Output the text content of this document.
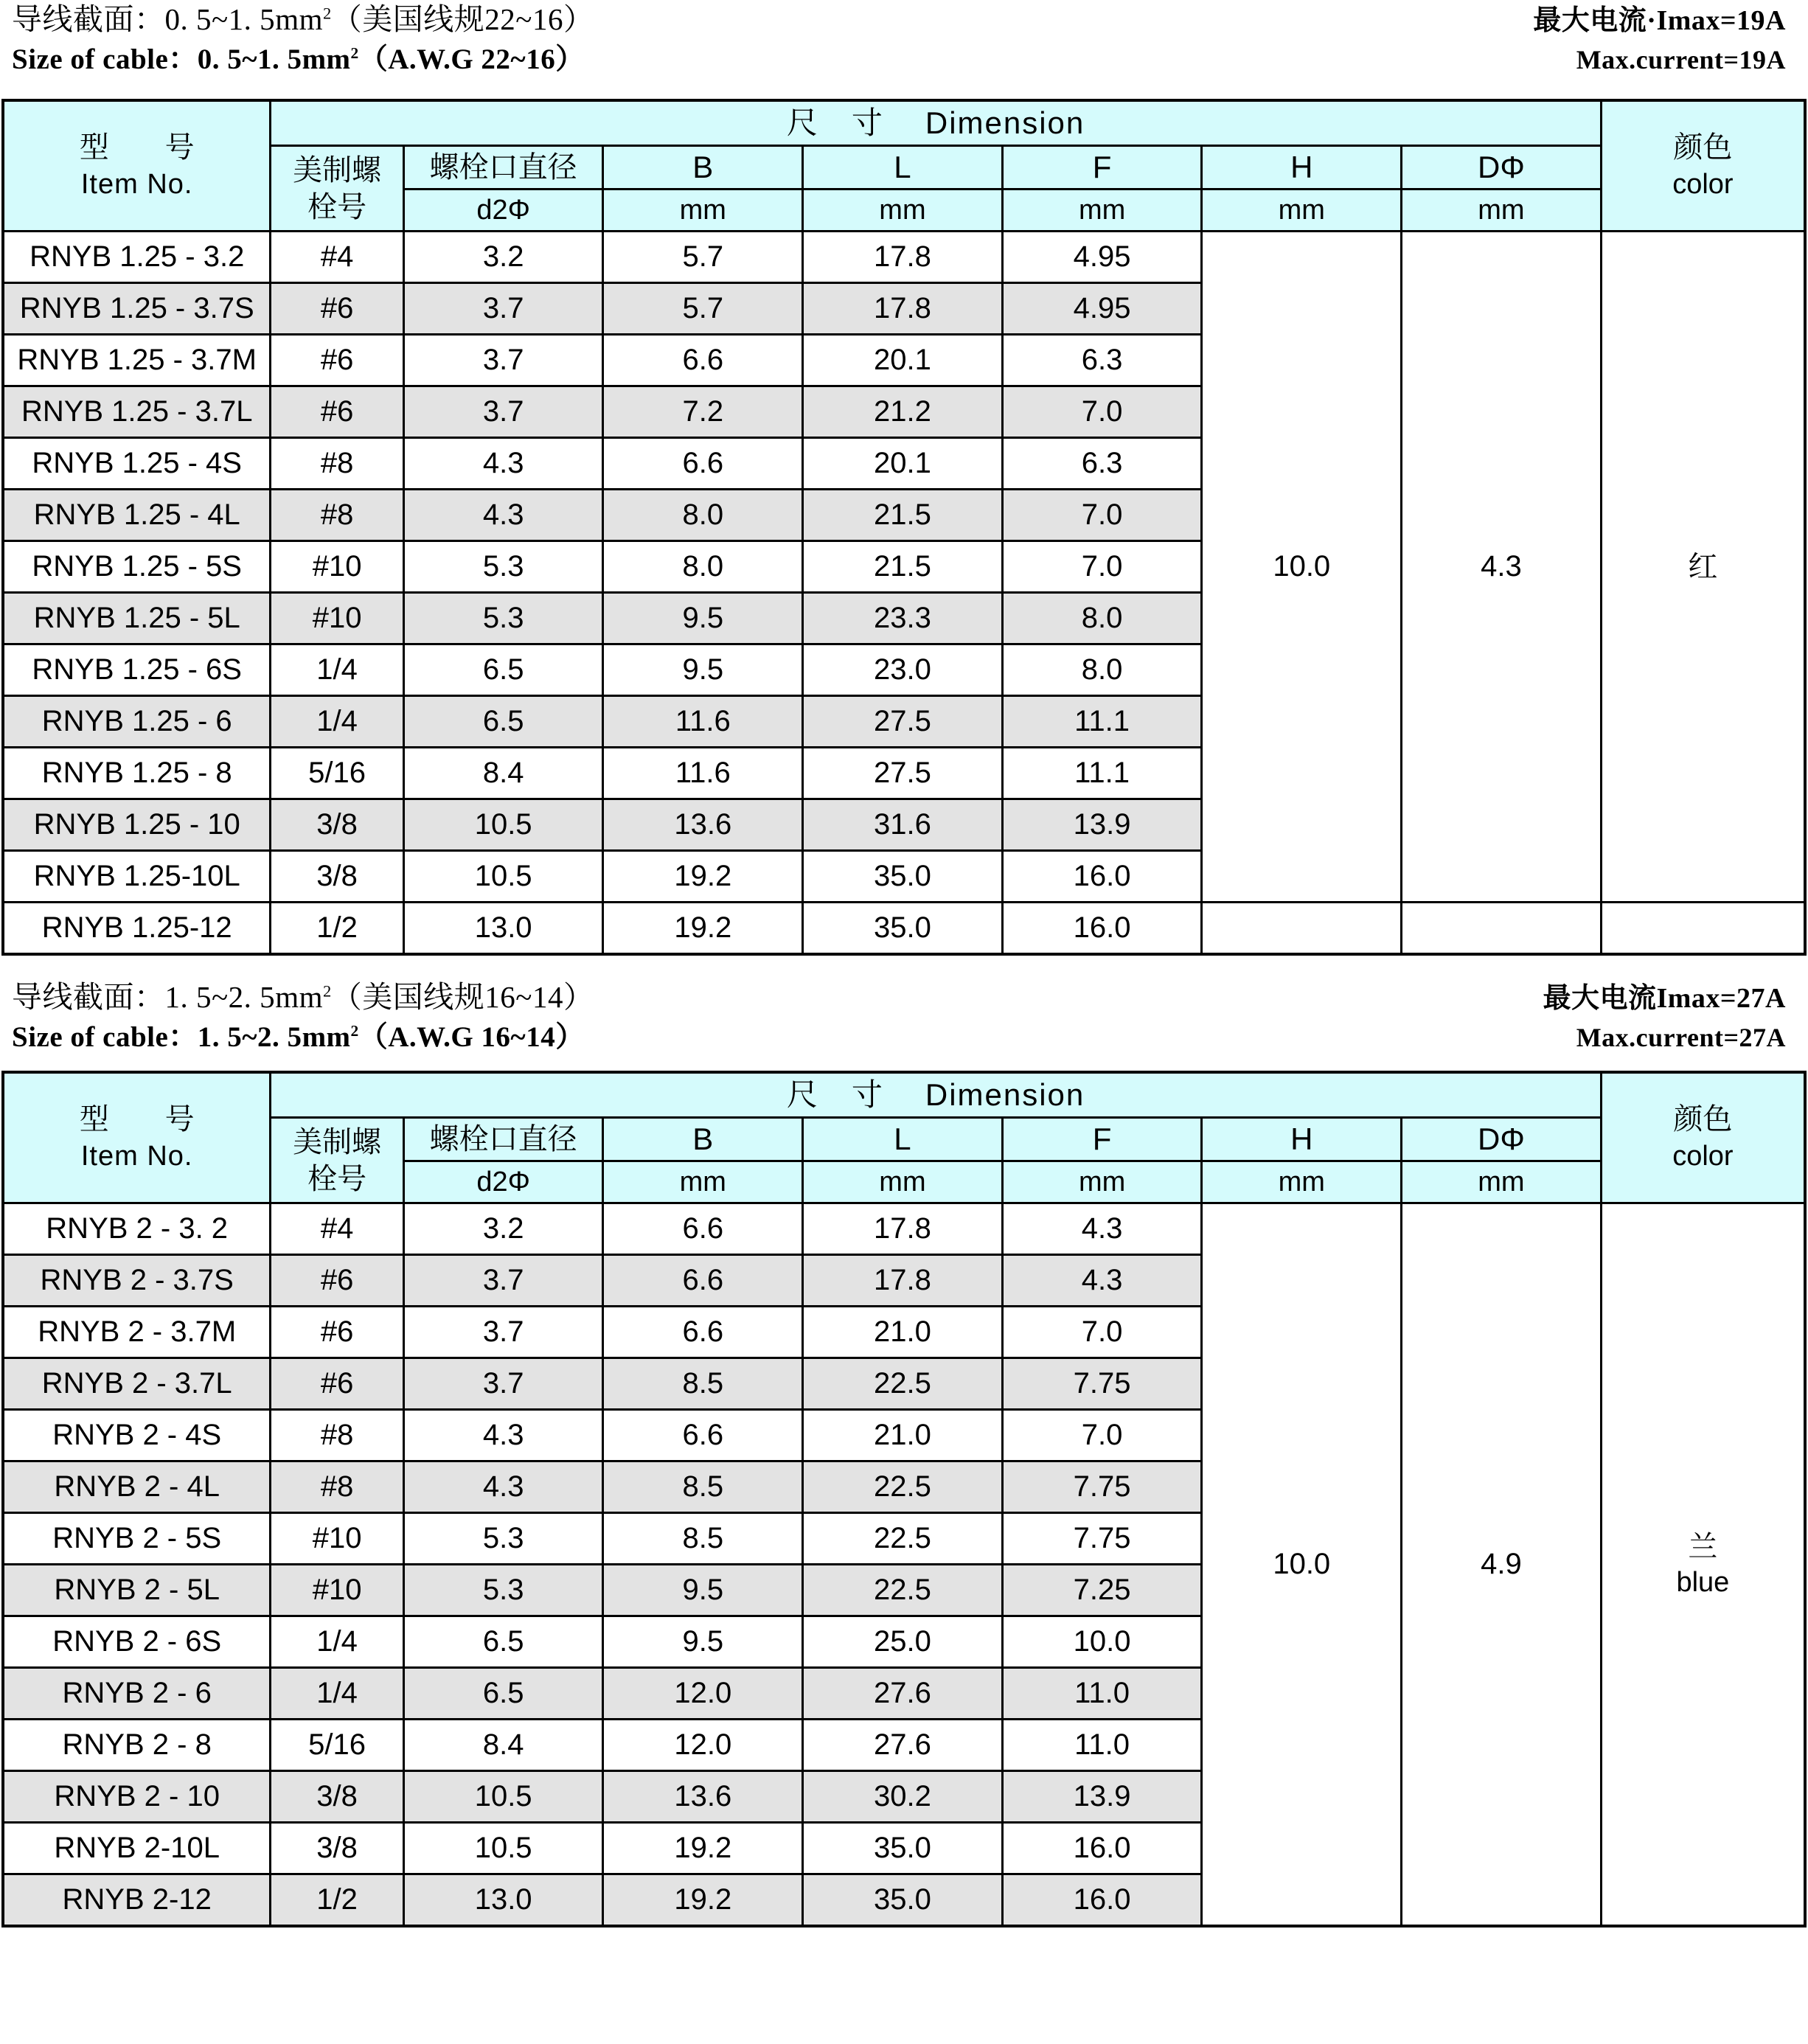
导线截面：0. 5~1. $5mm^2$（美国线规22~16）	最大电流·Imax=19A
Size of cable：0. 5~1. $5mm^2(A.W.G$ 22~16）	Max.current=19A
型　号
Item No.	尺　寸 Dimension							颜色
color

	美制螺
栓号	螺栓口直径	B	L	F	H	DΦ	
		d2Φ	mm	mm	mm	mm	mm	
RNYB 1.25 - 3.2	#4	3.2	5.7	17.8	4.95	10.0	4.3	红

RNYB 1.25 - 3.7S	#6	3.7	5.7	17.8	4.95			
RNYB 1.25 - 3.7M	#6	3.7	6.6	20.1	6.3			
RNYB 1.25 - 3.7L	#6	3.7	7.2	21.2	7.0			
RNYB 1.25 - 4S	#8	4.3	6.6	20.1	6.3			
RNYB 1.25 - 4L	#8	4.3	8.0	21.5	7.0			
RNYB 1.25 - 5S	#10	5.3	8.0	21.5	7.0			
RNYB 1.25 - 5L	#10	5.3	9.5	23.3	8.0			
RNYB 1.25 - 6S	1/4	6.5	9.5	23.0	8.0			
RNYB 1.25 - 6	1/4	6.5	11.6	27.5	11.1			
RNYB 1.25 - 8	5/16	8.4	11.6	27.5	11.1			
RNYB 1.25 - 10	3/8	10.5	13.6	31.6	13.9			
RNYB 1.25-10L	3/8	10.5	19.2	35.0	16.0			
RNYB 1.25-12	1/2	13.0	19.2	35.0	16.0			
导线截面：1. 5~2. $5mm^2$（美国线规16~14）	最大电流Imax=27A
Size of cable：1. 5~2. $5mm^2(A.W.G$ 16~14）	Max.current=27A
型　号
Item No.	尺　寸 Dimension							颜色
color

	美制螺
栓号	螺栓口直径	B	L	F	H	DΦ	
		d2Φ	mm	mm	mm	mm	mm	
RNYB 2 - 3. 2	#4	3.2	6.6	17.8	4.3	10.0	4.9	兰
blue

RNYB 2 - 3.7S	#6	3.7	6.6	17.8	4.3			
RNYB 2 - 3.7M	#6	3.7	6.6	21.0	7.0			
RNYB 2 - 3.7L	#6	3.7	8.5	22.5	7.75			
RNYB 2 - 4S	#8	4.3	6.6	21.0	7.0			
RNYB 2 - 4L	#8	4.3	8.5	22.5	7.75			
RNYB 2 - 5S	#10	5.3	8.5	22.5	7.75			
RNYB 2 - 5L	#10	5.3	9.5	22.5	7.25			
RNYB 2 - 6S	1/4	6.5	9.5	25.0	10.0			
RNYB 2 - 6	1/4	6.5	12.0	27.6	11.0			
RNYB 2 - 8	5/16	8.4	12.0	27.6	11.0			
RNYB 2 - 10	3/8	10.5	13.6	30.2	13.9			
RNYB 2-10L	3/8	10.5	19.2	35.0	16.0			
RNYB 2-12	1/2	13.0	19.2	35.0	16.0			
